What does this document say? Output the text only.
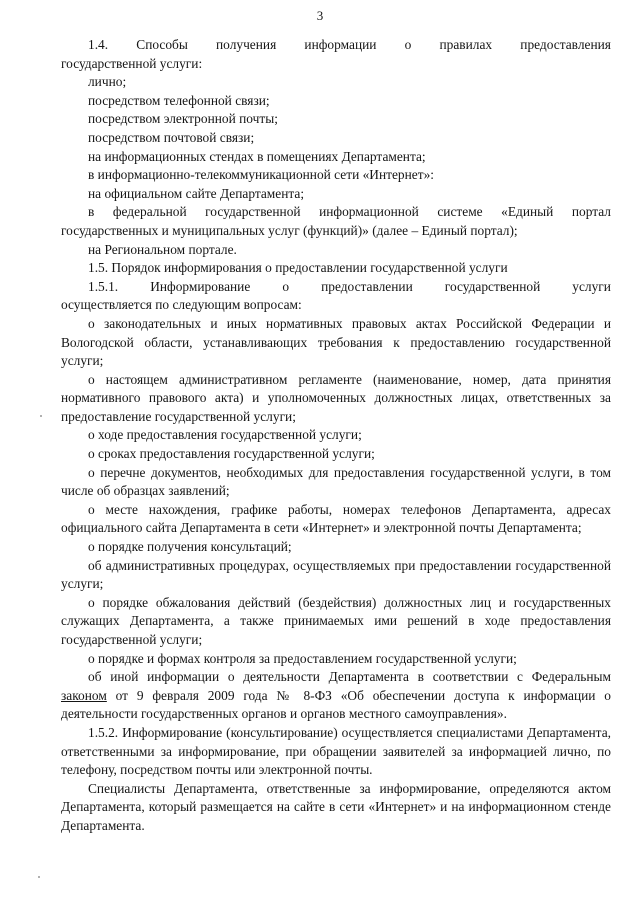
3
1.4. Способы получения информации о правилах предоставления

государственной услуги:

лично;

посредством телефонной связи;

посредством электронной почты;

посредством почтовой связи;

на информационных стендах в помещениях Департамента;

в информационно-телекоммуникационной сети «Интернет»:

на официальном сайте Департамента;

в федеральной государственной информационной системе «Единый портал государственных и муниципальных услуг (функций)» (далее – Единый портал);

на Региональном портале.

1.5. Порядок информирования о предоставлении государственной услуги

1.5.1. Информирование о предоставлении государственной услуги

осуществляется по следующим вопросам:

о законодательных и иных нормативных правовых актах Российской Федерации и Вологодской области, устанавливающих требования к предоставлению государственной услуги;

о настоящем административном регламенте (наименование, номер, дата принятия нормативного правового акта) и уполномоченных должностных лицах, ответственных за предоставление государственной услуги;

о ходе предоставления государственной услуги;

о сроках предоставления государственной услуги;

о перечне документов, необходимых для предоставления государственной услуги, в том числе об образцах заявлений;

о месте нахождения, графике работы, номерах телефонов Департамента, адресах официального сайта Департамента в сети «Интернет» и электронной почты Департамента;

о порядке получения консультаций;

об административных процедурах, осуществляемых при предоставлении государственной услуги;

о порядке обжалования действий (бездействия) должностных лиц и государственных служащих Департамента, а также принимаемых ими решений в ходе предоставления государственной услуги;

о порядке и формах контроля за предоставлением государственной услуги;

об иной информации о деятельности Департамента в соответствии с Федеральным законом от 9 февраля 2009 года № 8-ФЗ «Об обеспечении доступа к информации о деятельности государственных органов и органов местного самоуправления».

1.5.2. Информирование (консультирование) осуществляется специалистами Департамента, ответственными за информирование, при обращении заявителей за информацией лично, по телефону, посредством почты или электронной почты.

Специалисты Департамента, ответственные за информирование, определяются актом Департамента, который размещается на сайте в сети «Интернет» и на информационном стенде Департамента.
